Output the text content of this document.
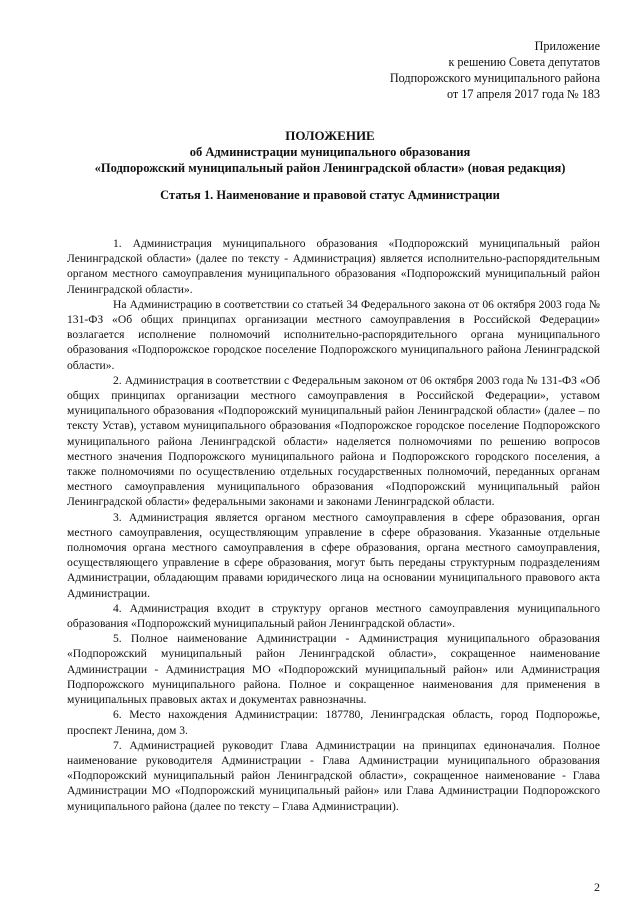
Приложение
к решению Совета депутатов
Подпорожского муниципального района
от 17 апреля 2017 года № 183
ПОЛОЖЕНИЕ
об Администрации муниципального образования
«Подпорожский муниципальный район Ленинградской области» (новая редакция)
Статья 1. Наименование и правовой статус Администрации

1. Администрация муниципального образования «Подпорожский муниципальный район Ленинградской области» (далее по тексту - Администрация) является исполнительно-распорядительным органом местного самоуправления муниципального образования «Подпорожский муниципальный район Ленинградской области».

На Администрацию в соответствии со статьей 34 Федерального закона от 06 октября 2003 года № 131-ФЗ «Об общих принципах организации местного самоуправления в Российской Федерации» возлагается исполнение полномочий исполнительно-распорядительного органа муниципального образования «Подпорожское городское поселение Подпорожского муниципального района Ленинградской области».

2. Администрация в соответствии с Федеральным законом от 06 октября 2003 года № 131-ФЗ «Об общих принципах организации местного самоуправления в Российской Федерации», уставом муниципального образования «Подпорожский муниципальный район Ленинградской области» (далее – по тексту Устав), уставом муниципального образования «Подпорожское городское поселение Подпорожского муниципального района Ленинградской области» наделяется полномочиями по решению вопросов местного значения Подпорожского муниципального района и Подпорожского городского поселения, а также полномочиями по осуществлению отдельных государственных полномочий, переданных органам местного самоуправления муниципального образования «Подпорожский муниципальный район Ленинградской области» федеральными законами и законами Ленинградской области.

3. Администрация является органом местного самоуправления в сфере образования, орган местного самоуправления, осуществляющим управление в сфере образования. Указанные отдельные полномочия органа местного самоуправления в сфере образования, органа местного самоуправления, осуществляющего управление в сфере образования, могут быть переданы структурным подразделениям Администрации, обладающим правами юридического лица на основании муниципального правового акта Администрации.

4. Администрация входит в структуру органов местного самоуправления муниципального образования «Подпорожский муниципальный район Ленинградской области».

5. Полное наименование Администрации - Администрация муниципального образования «Подпорожский муниципальный район Ленинградской области», сокращенное наименование Администрации - Администрация МО «Подпорожский муниципальный район» или Администрация Подпорожского муниципального района. Полное и сокращенное наименования для применения в муниципальных правовых актах и документах равнозначны.

6. Место нахождения Администрации: 187780, Ленинградская область, город Подпорожье, проспект Ленина, дом 3.

7. Администрацией руководит Глава Администрации на принципах единоначалия. Полное наименование руководителя Администрации - Глава Администрации муниципального образования «Подпорожский муниципальный район Ленинградской области», сокращенное наименование - Глава Администрации МО «Подпорожский муниципальный район» или Глава Администрации Подпорожского муниципального района (далее по тексту – Глава Администрации).

2
